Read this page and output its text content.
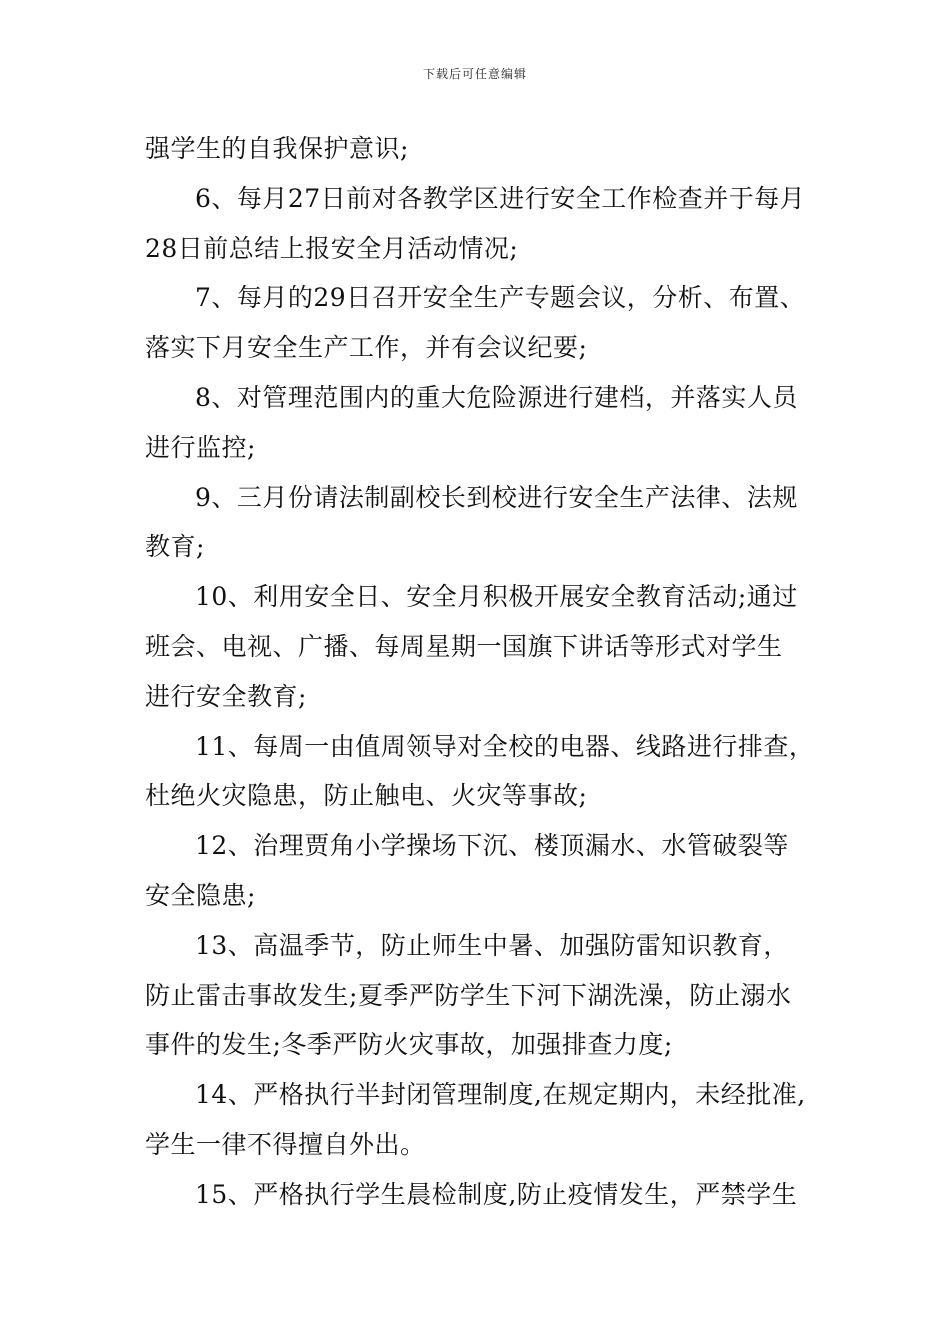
下载后可任意编辑
强学生的自我保护意识;
6、每月27日前对各教学区进行安全工作检查并于每月
28日前总结上报安全月活动情况;
7、每月的29日召开安全生产专题会议，分析、布置、
落实下月安全生产工作，并有会议纪要;
8、对管理范围内的重大危险源进行建档，并落实人员
进行监控;
9、三月份请法制副校长到校进行安全生产法律、法规
教育;
10、利用安全日、安全月积极开展安全教育活动;通过
班会、电视、广播、每周星期一国旗下讲话等形式对学生
进行安全教育;
11、每周一由值周领导对全校的电器、线路进行排查，
杜绝火灾隐患，防止触电、火灾等事故;
12、治理贾角小学操场下沉、楼顶漏水、水管破裂等
安全隐患;
13、高温季节，防止师生中暑、加强防雷知识教育，
防止雷击事故发生;夏季严防学生下河下湖洗澡，防止溺水
事件的发生;冬季严防火灾事故，加强排查力度;
14、严格执行半封闭管理制度,在规定期内，未经批准,
学生一律不得擅自外出。
15、严格执行学生晨检制度,防止疫情发生，严禁学生
